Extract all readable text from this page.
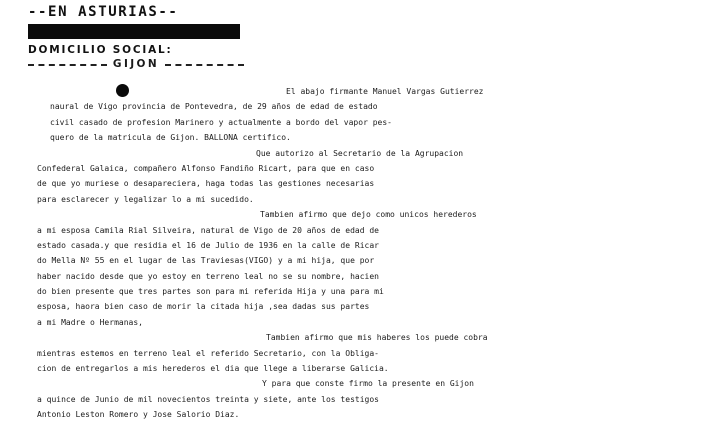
--EN ASTURIAS--
DOMICILIO SOCIAL:
GIJON
El abajo firmante Manuel Vargas Gutierrez
naural de Vigo provincia de Pontevedra, de 29 años de edad de estado
civil casado de profesion Marinero y actualmente a bordo del vapor pes-
quero de la matricula de Gijon. BALLONA certifico.
Que autorizo al Secretario de la Agrupacion
Confederal Galaica, compañero Alfonso Fandiño Ricart, para que en caso
de que yo muriese o desapareciera, haga todas las gestiones necesarias
para esclarecer y legalizar lo a mi sucedido.
Tambien afirmo que dejo como unicos herederos
a mi esposa Camila Rial Silveira, natural de Vigo de 20 años de edad de
estado casada.y que residia el 16 de Julio de 1936 en la calle de Ricar
do Mella Nº 55 en el lugar de las Traviesas(VIGO) y a mi hija, que por
haber nacido desde que yo estoy en terreno leal no se su nombre, hacien
do bien presente que tres partes son para mi referida Hija y una para mi
esposa, haora bien caso de morir la citada hija ,sea dadas sus partes
a mi Madre o Hermanas,
Tambien afirmo que mis haberes los puede cobra
mientras estemos en terreno leal el referido Secretario, con la Obliga-
cion de entregarlos a mis herederos el dia que llege a liberarse Galicia.
Y para que conste firmo la presente en Gijon
a quince de Junio de mil novecientos treinta y siete, ante los testigos
Antonio Leston Romero y Jose Salorio Diaz.
